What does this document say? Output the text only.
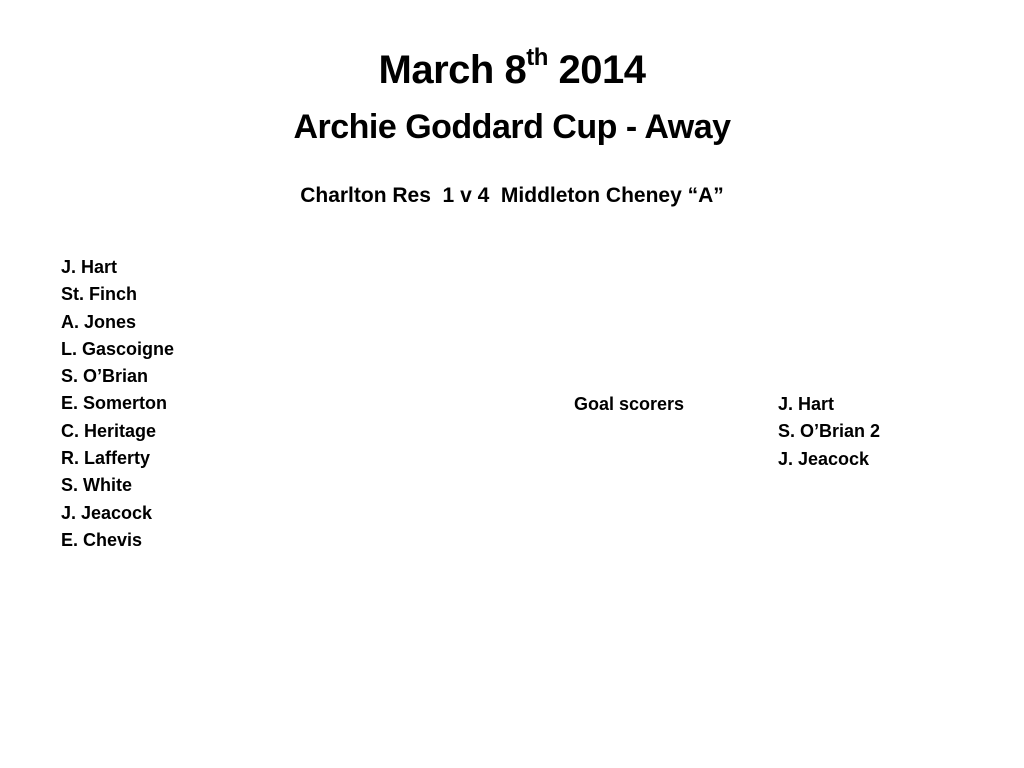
March 8th 2014
Archie Goddard Cup - Away
Charlton Res  1 v 4  Middleton Cheney “A”
J. Hart
St. Finch
A. Jones
L. Gascoigne
S. O’Brian
E. Somerton
C. Heritage
R. Lafferty
S. White
J. Jeacock
E. Chevis
Goal scorers	J. Hart
S. O’Brian 2
J. Jeacock
